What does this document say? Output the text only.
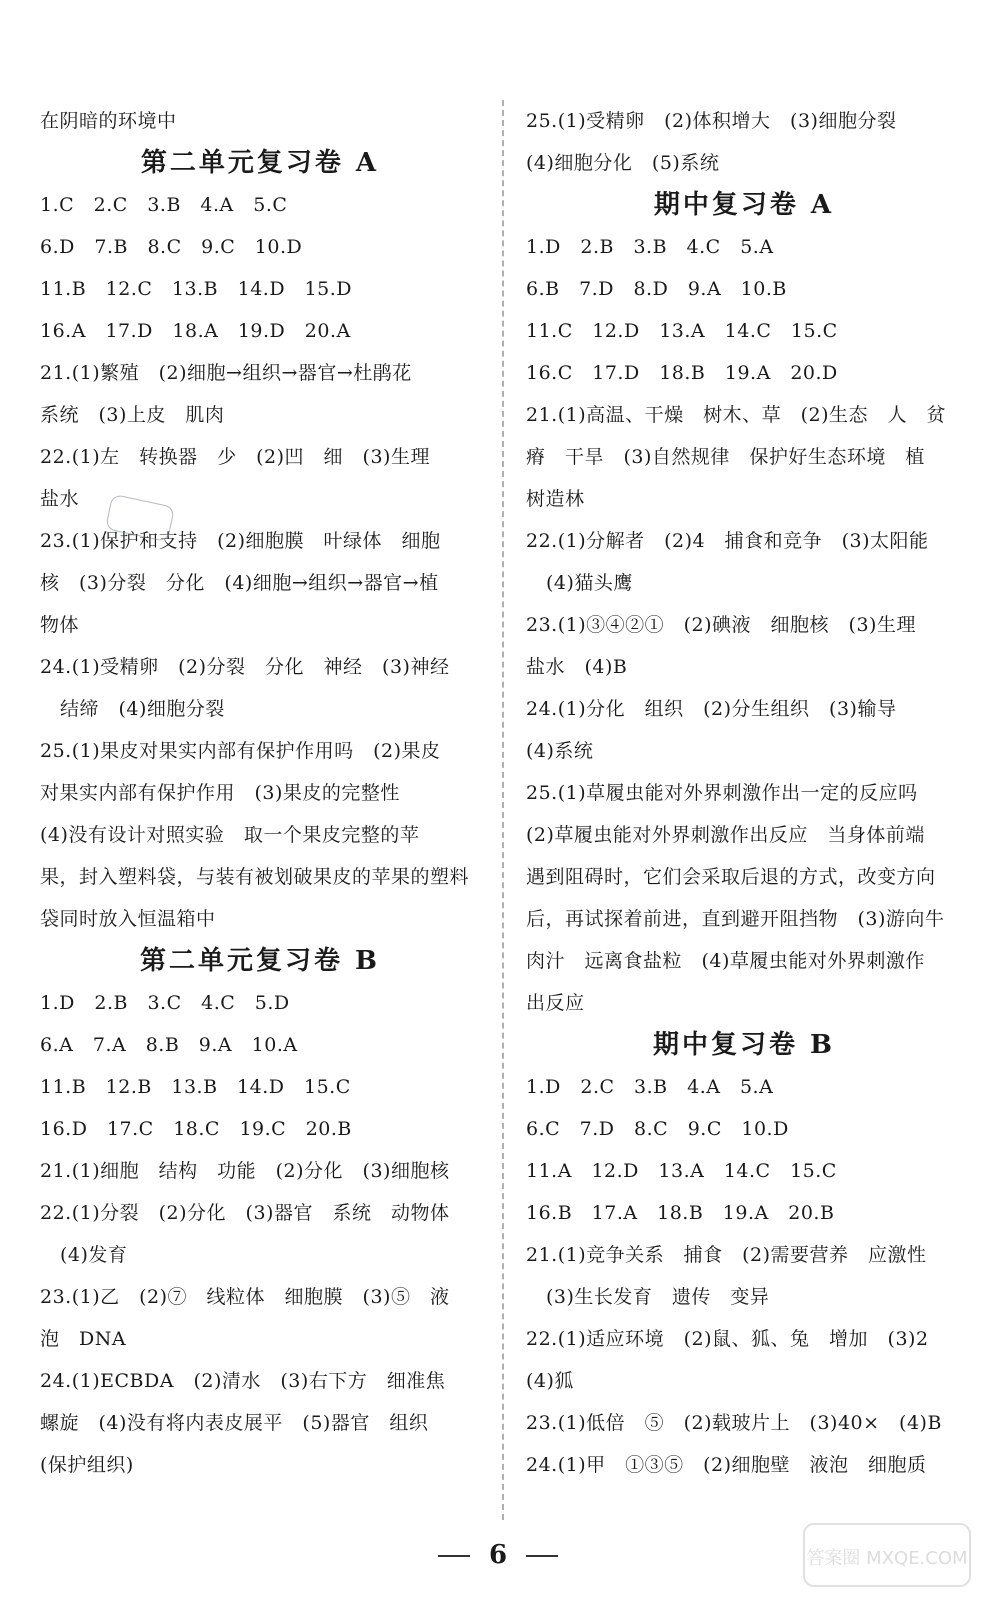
在阴暗的环境中
第二单元复习卷 A
1.C　2.C　3.B　4.A　5.C
6.D　7.B　8.C　9.C　10.D
11.B　12.C　13.B　14.D　15.D
16.A　17.D　18.A　19.D　20.A
21.(1)繁殖　(2)细胞→组织→器官→杜鹃花
系统　(3)上皮　肌肉
22.(1)左　转换器　少　(2)凹　细　(3)生理
盐水
23.(1)保护和支持　(2)细胞膜　叶绿体　细胞
核　(3)分裂　分化　(4)细胞→组织→器官→植
物体
24.(1)受精卵　(2)分裂　分化　神经　(3)神经
结缔　(4)细胞分裂
25.(1)果皮对果实内部有保护作用吗　(2)果皮
对果实内部有保护作用　(3)果皮的完整性
(4)没有设计对照实验　取一个果皮完整的苹
果，封入塑料袋，与装有被划破果皮的苹果的塑料
袋同时放入恒温箱中
第二单元复习卷 B
1.D　2.B　3.C　4.C　5.D
6.A　7.A　8.B　9.A　10.A
11.B　12.B　13.B　14.D　15.C
16.D　17.C　18.C　19.C　20.B
21.(1)细胞　结构　功能　(2)分化　(3)细胞核
22.(1)分裂　(2)分化　(3)器官　系统　动物体
(4)发育
23.(1)乙　(2)⑦　线粒体　细胞膜　(3)⑤　液
泡　DNA
24.(1)ECBDA　(2)清水　(3)右下方　细准焦
螺旋　(4)没有将内表皮展平　(5)器官　组织
(保护组织)
25.(1)受精卵　(2)体积增大　(3)细胞分裂
(4)细胞分化　(5)系统
期中复习卷 A
1.D　2.B　3.B　4.C　5.A
6.B　7.D　8.D　9.A　10.B
11.C　12.D　13.A　14.C　15.C
16.C　17.D　18.B　19.A　20.D
21.(1)高温、干燥　树木、草　(2)生态　人　贫
瘠　干旱　(3)自然规律　保护好生态环境　植
树造林
22.(1)分解者　(2)4　捕食和竞争　(3)太阳能
(4)猫头鹰
23.(1)③④②①　(2)碘液　细胞核　(3)生理
盐水　(4)B
24.(1)分化　组织　(2)分生组织　(3)输导
(4)系统
25.(1)草履虫能对外界刺激作出一定的反应吗
(2)草履虫能对外界刺激作出反应　当身体前端
遇到阻碍时，它们会采取后退的方式，改变方向
后，再试探着前进，直到避开阻挡物　(3)游向牛
肉汁　远离食盐粒　(4)草履虫能对外界刺激作
出反应
期中复习卷 B
1.D　2.C　3.B　4.A　5.A
6.C　7.D　8.C　9.C　10.D
11.A　12.D　13.A　14.C　15.C
16.B　17.A　18.B　19.A　20.B
21.(1)竞争关系　捕食　(2)需要营养　应激性
(3)生长发育　遗传　变异
22.(1)适应环境　(2)鼠、狐、兔　增加　(3)2
(4)狐
23.(1)低倍　⑤　(2)载玻片上　(3)40×　(4)B
24.(1)甲　①③⑤　(2)细胞壁　液泡　细胞质
6	答案圈 MXQE.COM
